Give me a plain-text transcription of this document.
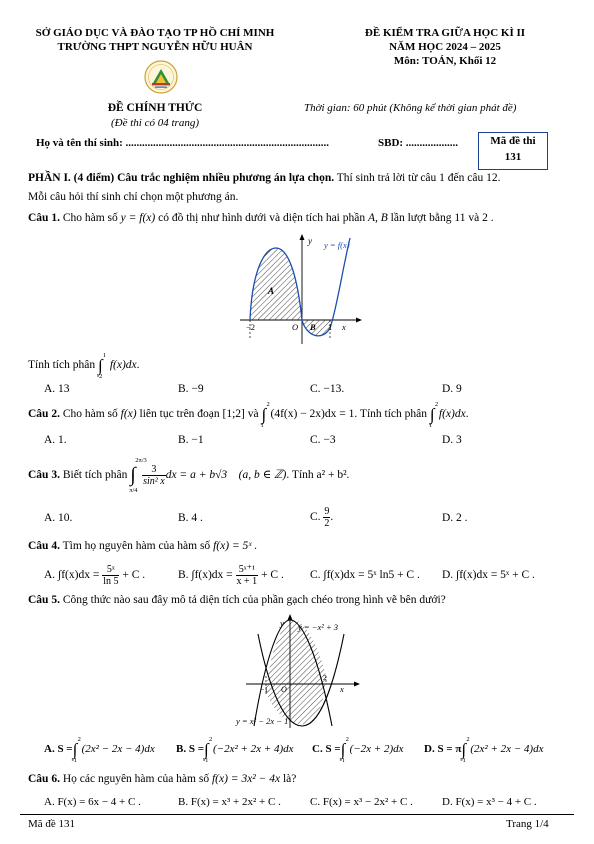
SỞ GIÁO DỤC VÀ ĐÀO TẠO TP HỒ CHÍ MINH
TRƯỜNG THPT NGUYỄN HỮU HUÂN
ĐỀ KIỂM TRA GIỮA HỌC KÌ II
NĂM HỌC 2024 – 2025
Môn: TOÁN, Khối 12
ĐỀ CHÍNH THỨC
(Đề thi có 04 trang)
Thời gian: 60 phút (Không kể thời gian phát đề)
Họ và tên thí sinh: ..........................................................................	SBD: ...................	Mã đề thi
131
PHẦN I. (4 điểm) Câu trắc nghiệm nhiều phương án lựa chọn. Thí sinh trả lời từ câu 1 đến câu 12.
Mỗi câu hỏi thí sinh chỉ chọn một phương án.
Câu 1. Cho hàm số y = f(x) có đồ thị như hình dưới và diện tích hai phần A, B lần lượt bằng 11 và 2 .
y y = f(x)
A
B
−2	O	1 x
Tính tích phân ∫
1
-2
f(x)dx.
A. 13	B. −9	C. −13.	D. 9
Câu 2. Cho hàm số f(x) liên tục trên đoạn [1;2] và ∫
2
1
(4f(x) − 2x)dx = 1. Tính tích phân ∫
2
1
f(x)dx.
A. 1.	B. −1	C. −3	D. 3
Câu 3. Biết tích phân ∫
2π/3
π/4

$\frac{3}{\text{sin² x}}$ dx = a + b√3 (a, b ∈ ℤ). Tính a² + b².
A. 10.	B. 4 .	C. $\frac{9}{2}$ .	D. 2 .
Câu 4. Tìm họ nguyên hàm của hàm số f(x) = 5ˣ .
A. $\int f(x)dx = \frac{\text{5ˣ}}{\ln 5} + C$ .	B. $\int f(x)dx = \frac{\text{5ˣ⁺¹}}{x + 1} + C$ . C. ∫f(x)dx = 5ˣ ln5 + C . D. ∫f(x)dx = 5ˣ + C .
Câu 5. Công thức nào sau đây mô tả diện tích của phần gạch chéo trong hình vẽ bên dưới?
y y = −x² + 3
y = x² − 2x − 1
−1 O
2
x
A. S =∫
2
-1
(2x² − 2x − 4)dx B. S =∫
2
-1
(−2x² + 2x + 4)dx C. S =∫
2
-1
(−2x + 2)dx D. S = π∫
2
-1
(2x² + 2x − 4)dx
Câu 6. Họ các nguyên hàm của hàm số f(x) = 3x² − 4x là?
A. F(x) = 6x − 4 + C .	B. F(x) = x³ + 2x² + C .	C. F(x) = x³ − 2x² + C .	D. F(x) = x³ − 4 + C .
Mã đề 131	Trang 1/4
